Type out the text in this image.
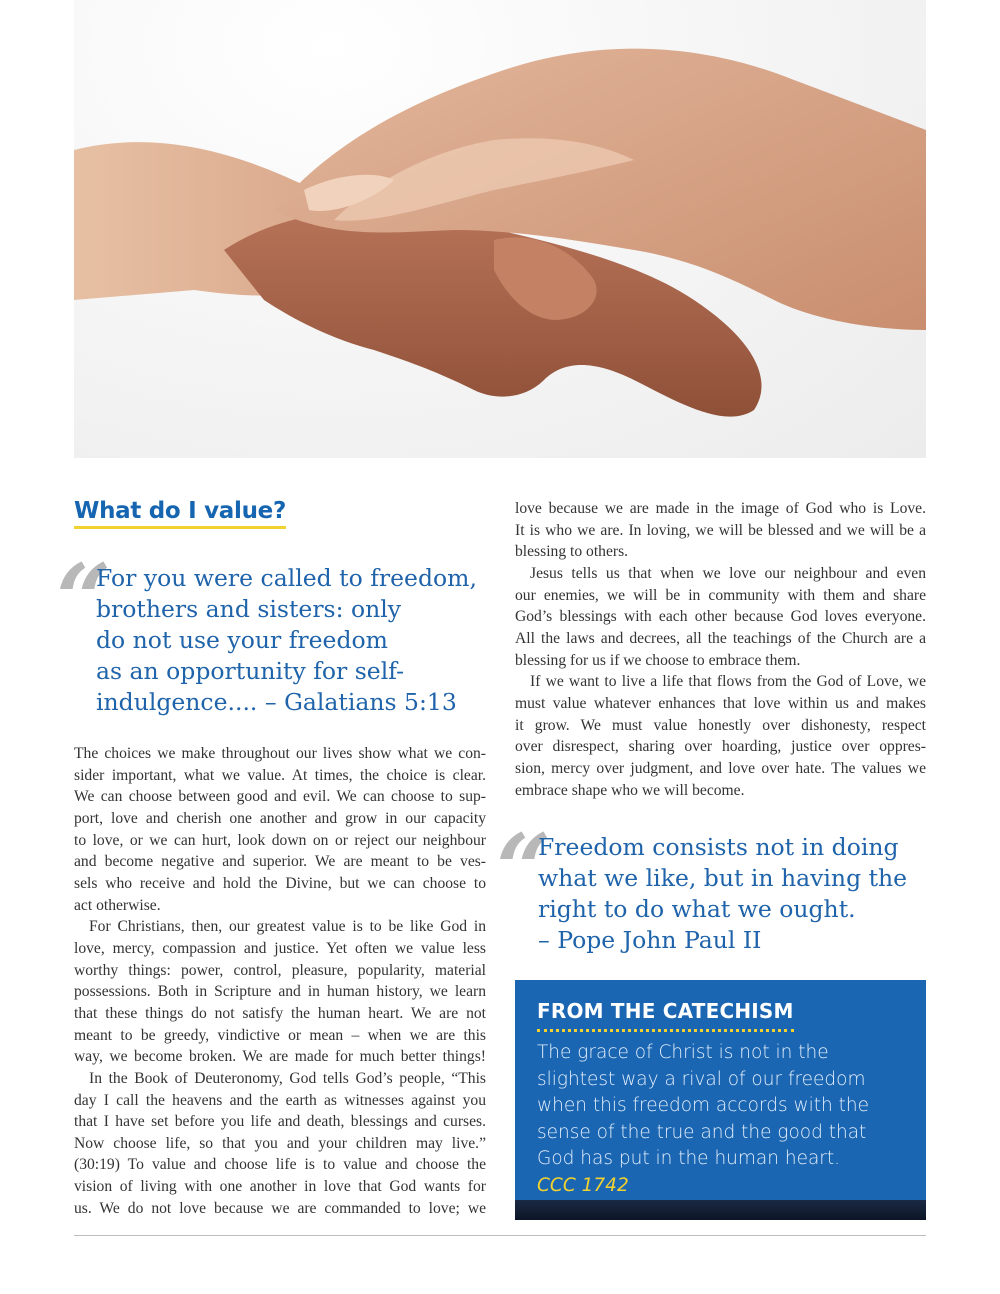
What do I value?
“
For you were called to freedom,
brothers and sisters: only
do not use your freedom
as an opportunity for self-
indulgence.... – Galatians 5:13
The choices we make throughout our lives show what we con-
sider important, what we value. At times, the choice is clear.
We can choose between good and evil. We can choose to sup-
port, love and cherish one another and grow in our capacity
to love, or we can hurt, look down on or reject our neighbour
and become negative and superior. We are meant to be ves-
sels who receive and hold the Divine, but we can choose to
act otherwise.
For Christians, then, our greatest value is to be like God in
love, mercy, compassion and justice. Yet often we value less
worthy things: power, control, pleasure, popularity, material
possessions. Both in Scripture and in human history, we learn
that these things do not satisfy the human heart. We are not
meant to be greedy, vindictive or mean – when we are this
way, we become broken. We are made for much better things!
In the Book of Deuteronomy, God tells God’s people, “This
day I call the heavens and the earth as witnesses against you
that I have set before you life and death, blessings and curses.
Now choose life, so that you and your children may live.”
(30:19) To value and choose life is to value and choose the
vision of living with one another in love that God wants for
us. We do not love because we are commanded to love; we
love because we are made in the image of God who is Love.
It is who we are. In loving, we will be blessed and we will be a
blessing to others.
Jesus tells us that when we love our neighbour and even
our enemies, we will be in community with them and share
God’s blessings with each other because God loves everyone.
All the laws and decrees, all the teachings of the Church are a
blessing for us if we choose to embrace them.
If we want to live a life that flows from the God of Love, we
must value whatever enhances that love within us and makes
it grow. We must value honestly over dishonesty, respect
over disrespect, sharing over hoarding, justice over oppres-
sion, mercy over judgment, and love over hate. The values we
embrace shape who we will become.
“
Freedom consists not in doing
what we like, but in having the
right to do what we ought.
– Pope John Paul II
FROM THE CATECHISM
The grace of Christ is not in the
slightest way a rival of our freedom
when this freedom accords with the
sense of the true and the good that
God has put in the human heart.
CCC 1742
